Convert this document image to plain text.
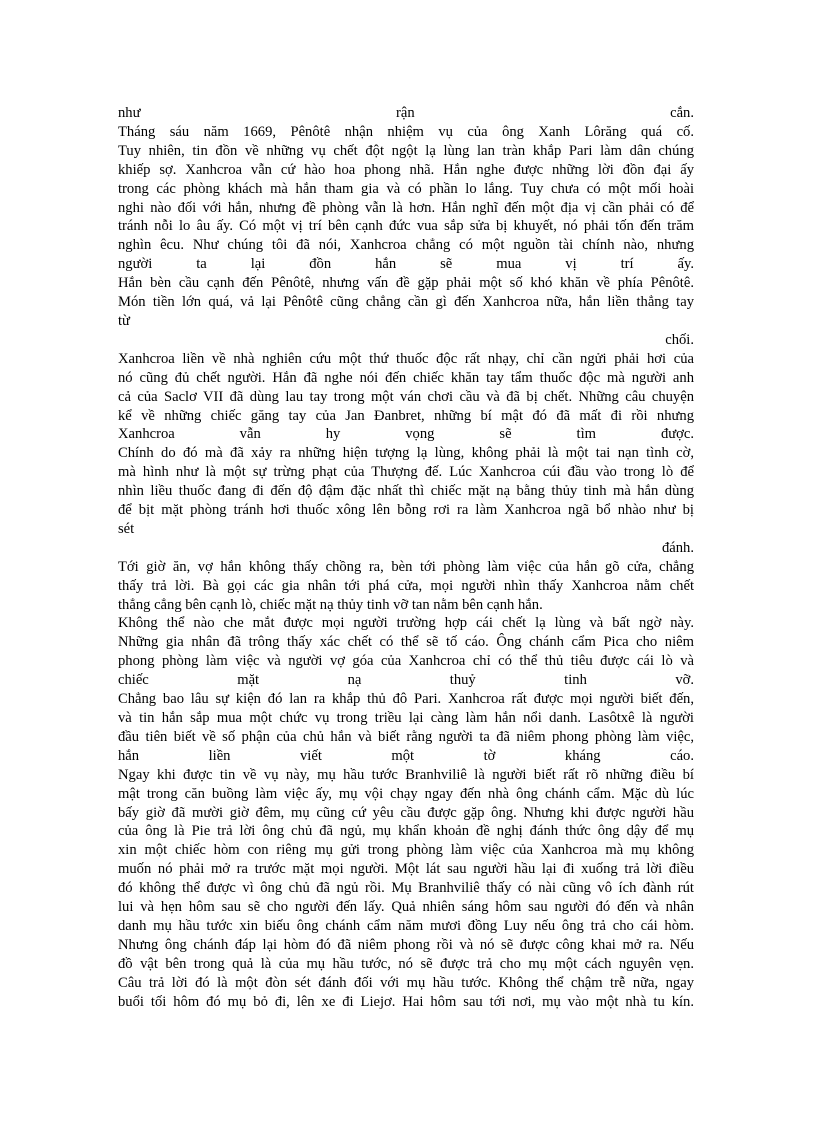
như rận cắn.
Tháng sáu năm 1669, Pênôtê nhận nhiệm vụ của ông Xanh Lôrăng quá cố.
Tuy nhiên, tin đồn về những vụ chết đột ngột lạ lùng lan tràn khắp Pari làm dân chúng
khiếp sợ. Xanhcroa vẫn cứ hào hoa phong nhã. Hắn nghe được những lời đồn đại ấy
trong các phòng khách mà hắn tham gia và có phần lo lắng. Tuy chưa có một mối hoài
nghi nào đối với hắn, nhưng đề phòng vẫn là hơn. Hắn nghĩ đến một địa vị cần phải có để
tránh nỗi lo âu ấy. Có một vị trí bên cạnh đức vua sắp sửa bị khuyết, nó phải tốn đến trăm
nghìn êcu. Như chúng tôi đã nói, Xanhcroa chẳng có một nguồn tài chính nào, nhưng
người ta lại đồn hắn sẽ mua vị trí ấy.
Hắn bèn cầu cạnh đến Pênôtê, nhưng vấn đề gặp phải một số khó khăn về phía Pênôtê.
Món tiền lớn quá, vả lại Pênôtê cũng chẳng cần gì đến Xanhcroa nữa, hắn liền thẳng tay
từ
chối.
Xanhcroa liền về nhà nghiên cứu một thứ thuốc độc rất nhạy, chỉ cần ngửi phải hơi của
nó cũng đủ chết người. Hắn đã nghe nói đến chiếc khăn tay tẩm thuốc độc mà người anh
cả của Saclơ VII đã dùng lau tay trong một ván chơi cầu và đã bị chết. Những câu chuyện
kể về những chiếc găng tay của Jan Đanbret, những bí mật đó đã mất đi rồi nhưng
Xanhcroa vẫn hy vọng sẽ tìm được.
Chính do đó mà đã xảy ra những hiện tượng lạ lùng, không phải là một tai nạn tình cờ,
mà hình như là một sự trừng phạt của Thượng đế. Lúc Xanhcroa cúi đầu vào trong lò để
nhìn liều thuốc đang đi đến độ đậm đặc nhất thì chiếc mặt nạ bằng thủy tinh mà hắn dùng
để bịt mặt phòng tránh hơi thuốc xông lên bỗng rơi ra làm Xanhcroa ngã bổ nhào như bị
sét
đánh.
Tới giờ ăn, vợ hắn không thấy chồng ra, bèn tới phòng làm việc của hắn gõ cửa, chẳng
thấy trả lời. Bà gọi các gia nhân tới phá cửa, mọi người nhìn thấy Xanhcroa nằm chết
thẳng cẳng bên cạnh lò, chiếc mặt nạ thủy tinh vỡ tan nằm bên cạnh hắn.
Không thể nào che mắt được mọi người trường hợp cái chết lạ lùng và bất ngờ này.
Những gia nhân đã trông thấy xác chết có thể sẽ tố cáo. Ông chánh cẩm Pica cho niêm
phong phòng làm việc và người vợ góa của Xanhcroa chỉ có thể thủ tiêu được cái lò và
chiếc mặt nạ thuỷ tinh vỡ.
Chẳng bao lâu sự kiện đó lan ra khắp thủ đô Pari. Xanhcroa rất được mọi người biết đến,
và tin hắn sắp mua một chức vụ trong triều lại càng làm hắn nổi danh. Lasôtxê là người
đầu tiên biết về số phận của chủ hắn và biết rằng người ta đã niêm phong phòng làm việc,
hắn liền viết một tờ kháng cáo.
Ngay khi được tin về vụ này, mụ hầu tước Branhviliê là người biết rất rõ những điều bí
mật trong căn buồng làm việc ấy, mụ vội chạy ngay đến nhà ông chánh cẩm. Mặc dù lúc
bấy giờ đã mười giờ đêm, mụ cũng cứ yêu cầu được gặp ông. Nhưng khi được người hầu
của ông là Pie trả lời ông chủ đã ngủ, mụ khẩn khoản đề nghị đánh thức ông dậy để mụ
xin một chiếc hòm con riêng mụ gửi trong phòng làm việc của Xanhcroa mà mụ không
muốn nó phải mở ra trước mặt mọi người. Một lát sau người hầu lại đi xuống trả lời điều
đó không thể được vì ông chủ đã ngủ rồi. Mụ Branhviliê thấy có nài cũng vô ích đành rút
lui và hẹn hôm sau sẽ cho người đến lấy. Quả nhiên sáng hôm sau người đó đến và nhân
danh mụ hầu tước xin biếu ông chánh cẩm năm mươi đồng Luy nếu ông trả cho cái hòm.
Nhưng ông chánh đáp lại hòm đó đã niêm phong rồi và nó sẽ được công khai mở ra. Nếu
đồ vật bên trong quả là của mụ hầu tước, nó sẽ được trả cho mụ một cách nguyên vẹn.
Câu trả lời đó là một đòn sét đánh đối với mụ hầu tước. Không thể chậm trễ nữa, ngay
buổi tối hôm đó mụ bỏ đi, lên xe đi Liejơ. Hai hôm sau tới nơi, mụ vào một nhà tu kín.
